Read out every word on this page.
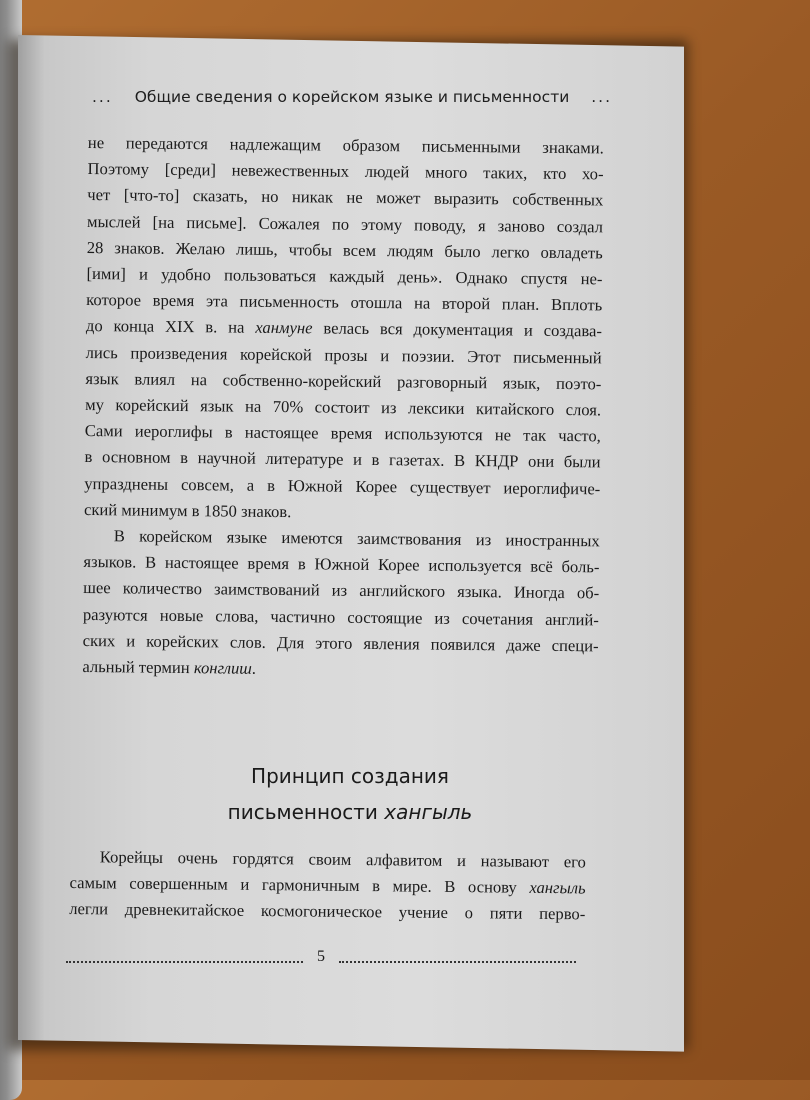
... Общие сведения о корейском языке и письменности ...
не передаются надлежащим образом письменными знаками.
Поэтому [среди] невежественных людей много таких, кто хо-
чет [что-то] сказать, но никак не может выразить собственных
мыслей [на письме]. Сожалея по этому поводу, я заново создал
28 знаков. Желаю лишь, чтобы всем людям было легко овладеть
[ими] и удобно пользоваться каждый день». Однако спустя не-
которое время эта письменность отошла на второй план. Вплоть
до конца XIX в. на ханмуне велась вся документация и создава-
лись произведения корейской прозы и поэзии. Этот письменный
язык влиял на собственно-корейский разговорный язык, поэто-
му корейский язык на 70% состоит из лексики китайского слоя.
Сами иероглифы в настоящее время используются не так часто,
в основном в научной литературе и в газетах. В КНДР они были
упразднены совсем, а в Южной Корее существует иероглифиче-
ский минимум в 1850 знаков.
В корейском языке имеются заимствования из иностранных
языков. В настоящее время в Южной Корее используется всё боль-
шее количество заимствований из английского языка. Иногда об-
разуются новые слова, частично состоящие из сочетания англий-
ских и корейских слов. Для этого явления появился даже специ-
альный термин конглиш.
Принцип создания
письменности хангыль
Корейцы очень гордятся своим алфавитом и называют его
самым совершенным и гармоничным в мире. В основу хангыль
легли древнекитайское космогоническое учение о пяти перво-
5
